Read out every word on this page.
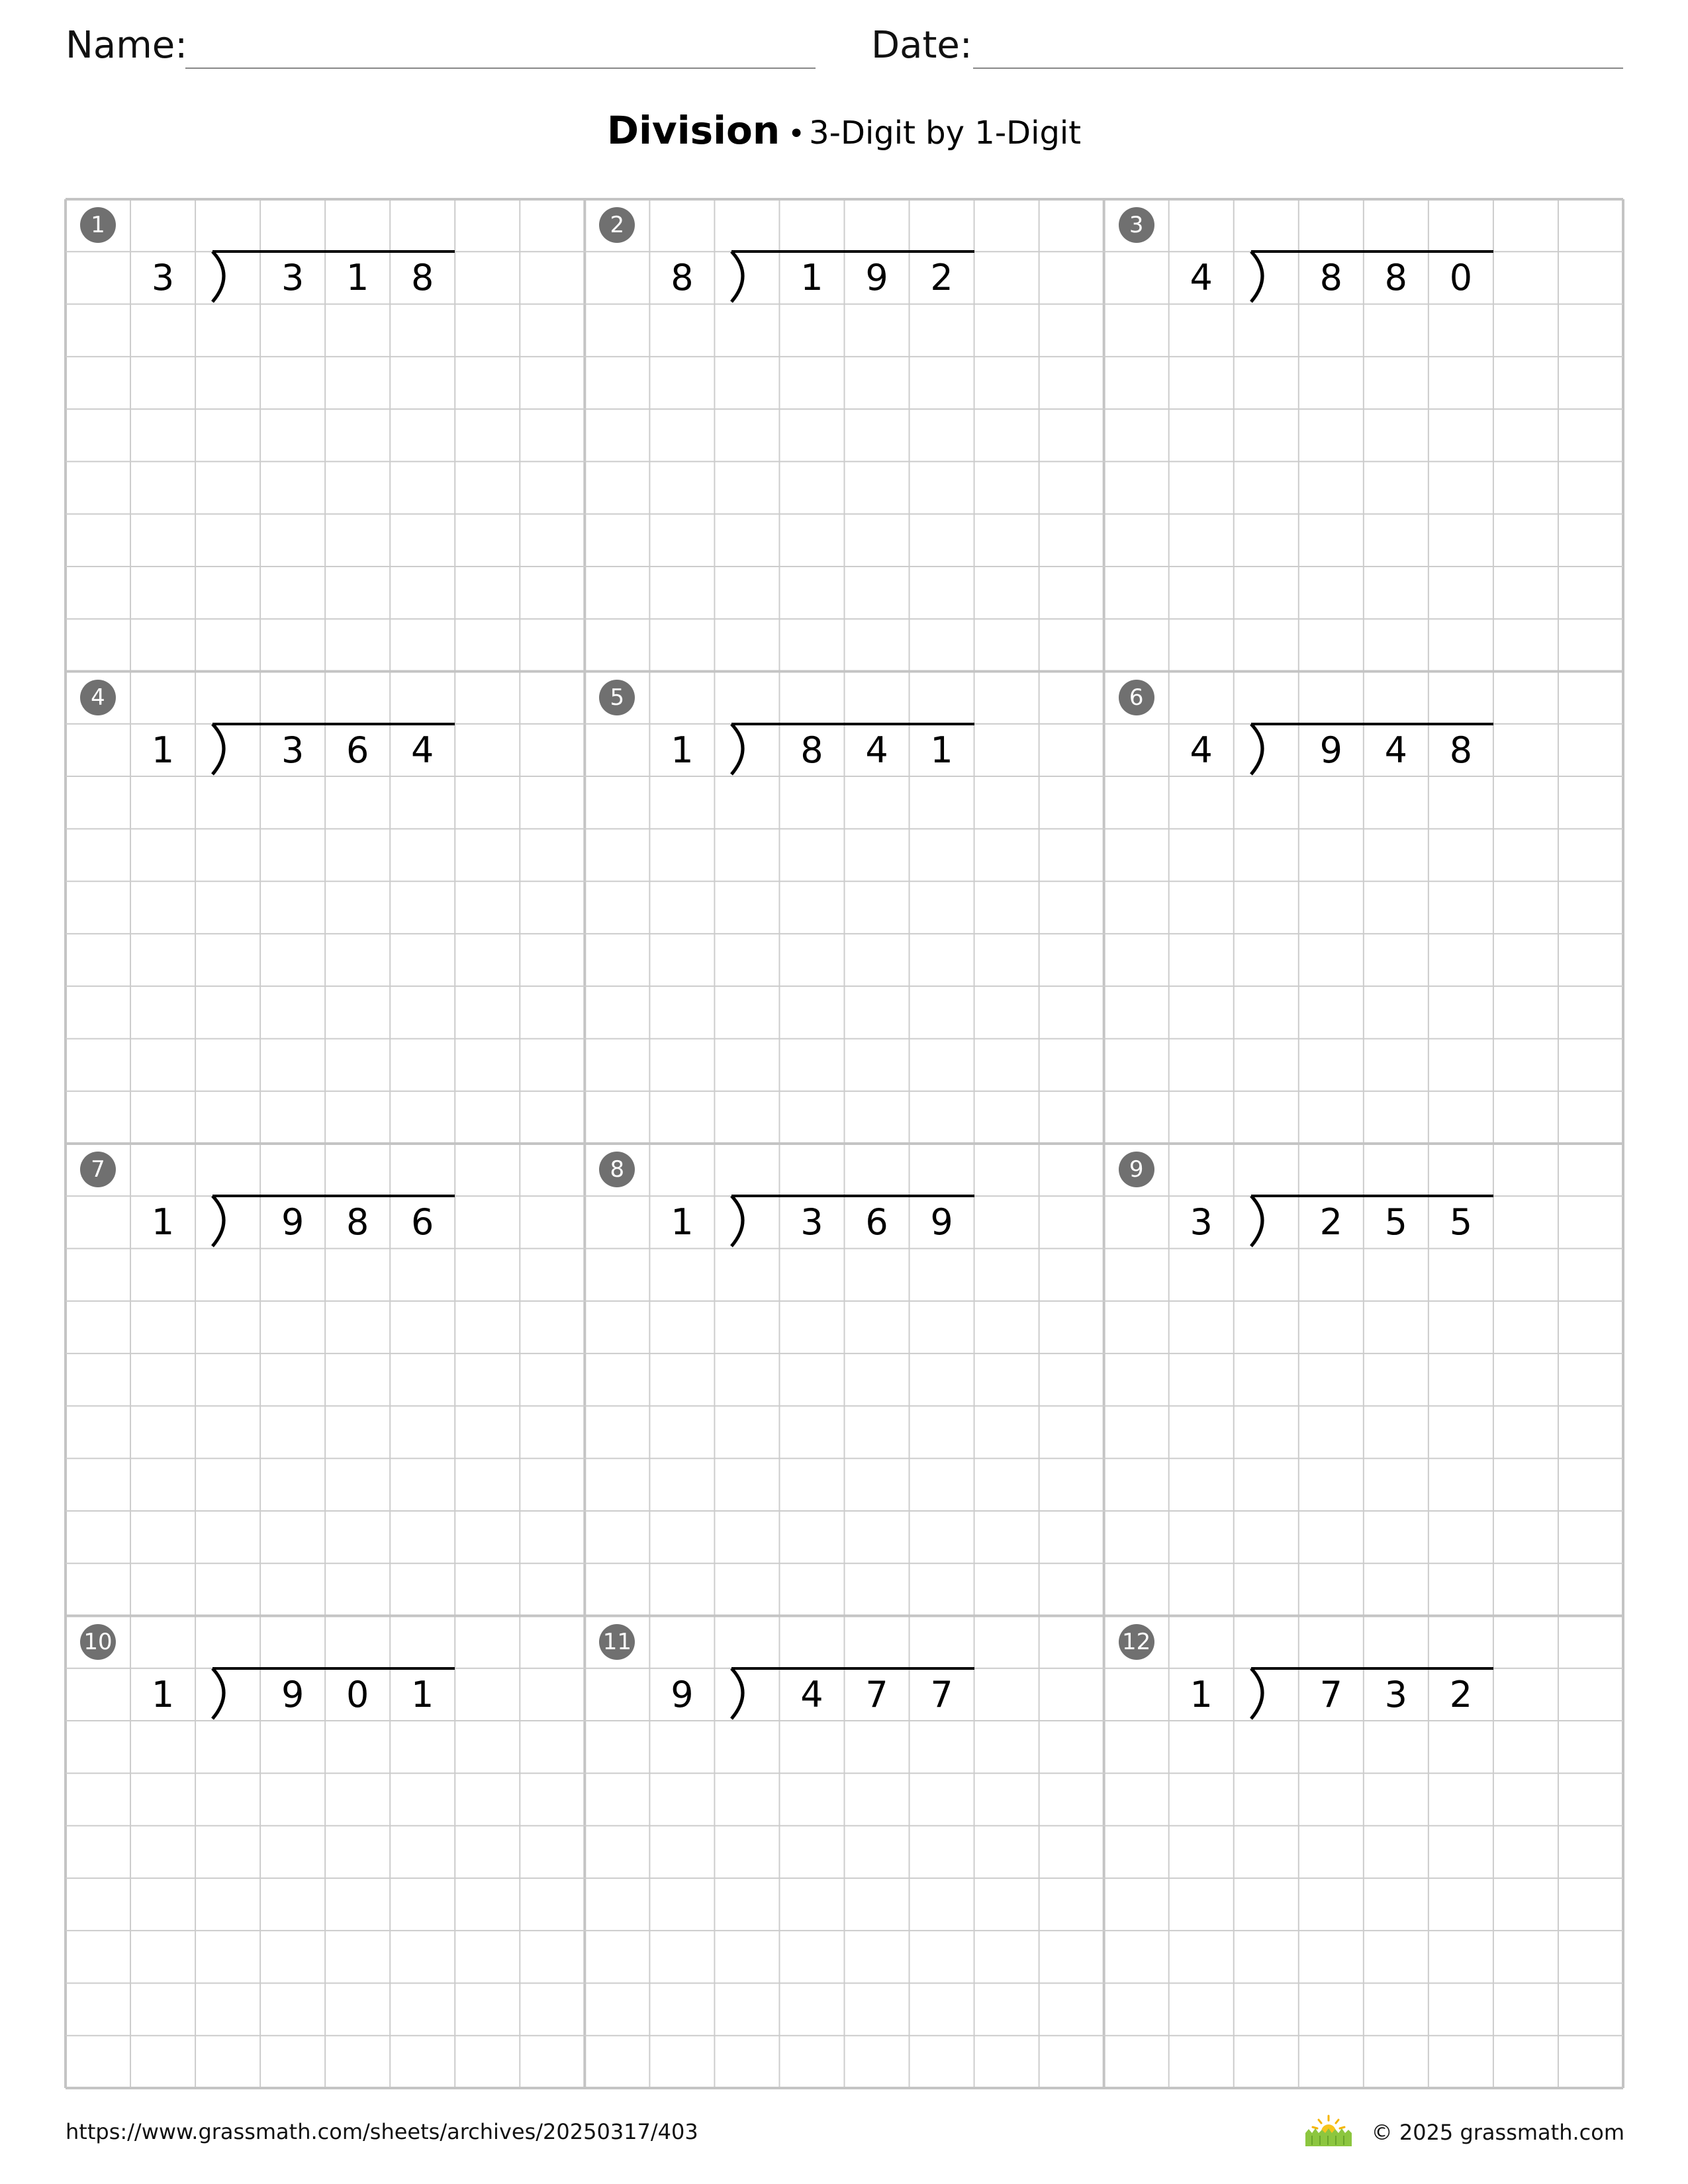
Name:	Date:
Division • 3-Digit by 1-Digit
1
3	3	1	8
2
8	1	9	2
3
4	8	8	0
4
1	3	6	4
5
1	8	4	1
6
4	9	4	8
7
1	9	8	6
8
1	3	6	9
9
3	2	5	5
10
1	9	0	1
11
9	4	7	7
12
1	7	3	2
https://www.grassmath.com/sheets/archives/20250317/403	© 2025 grassmath.com
